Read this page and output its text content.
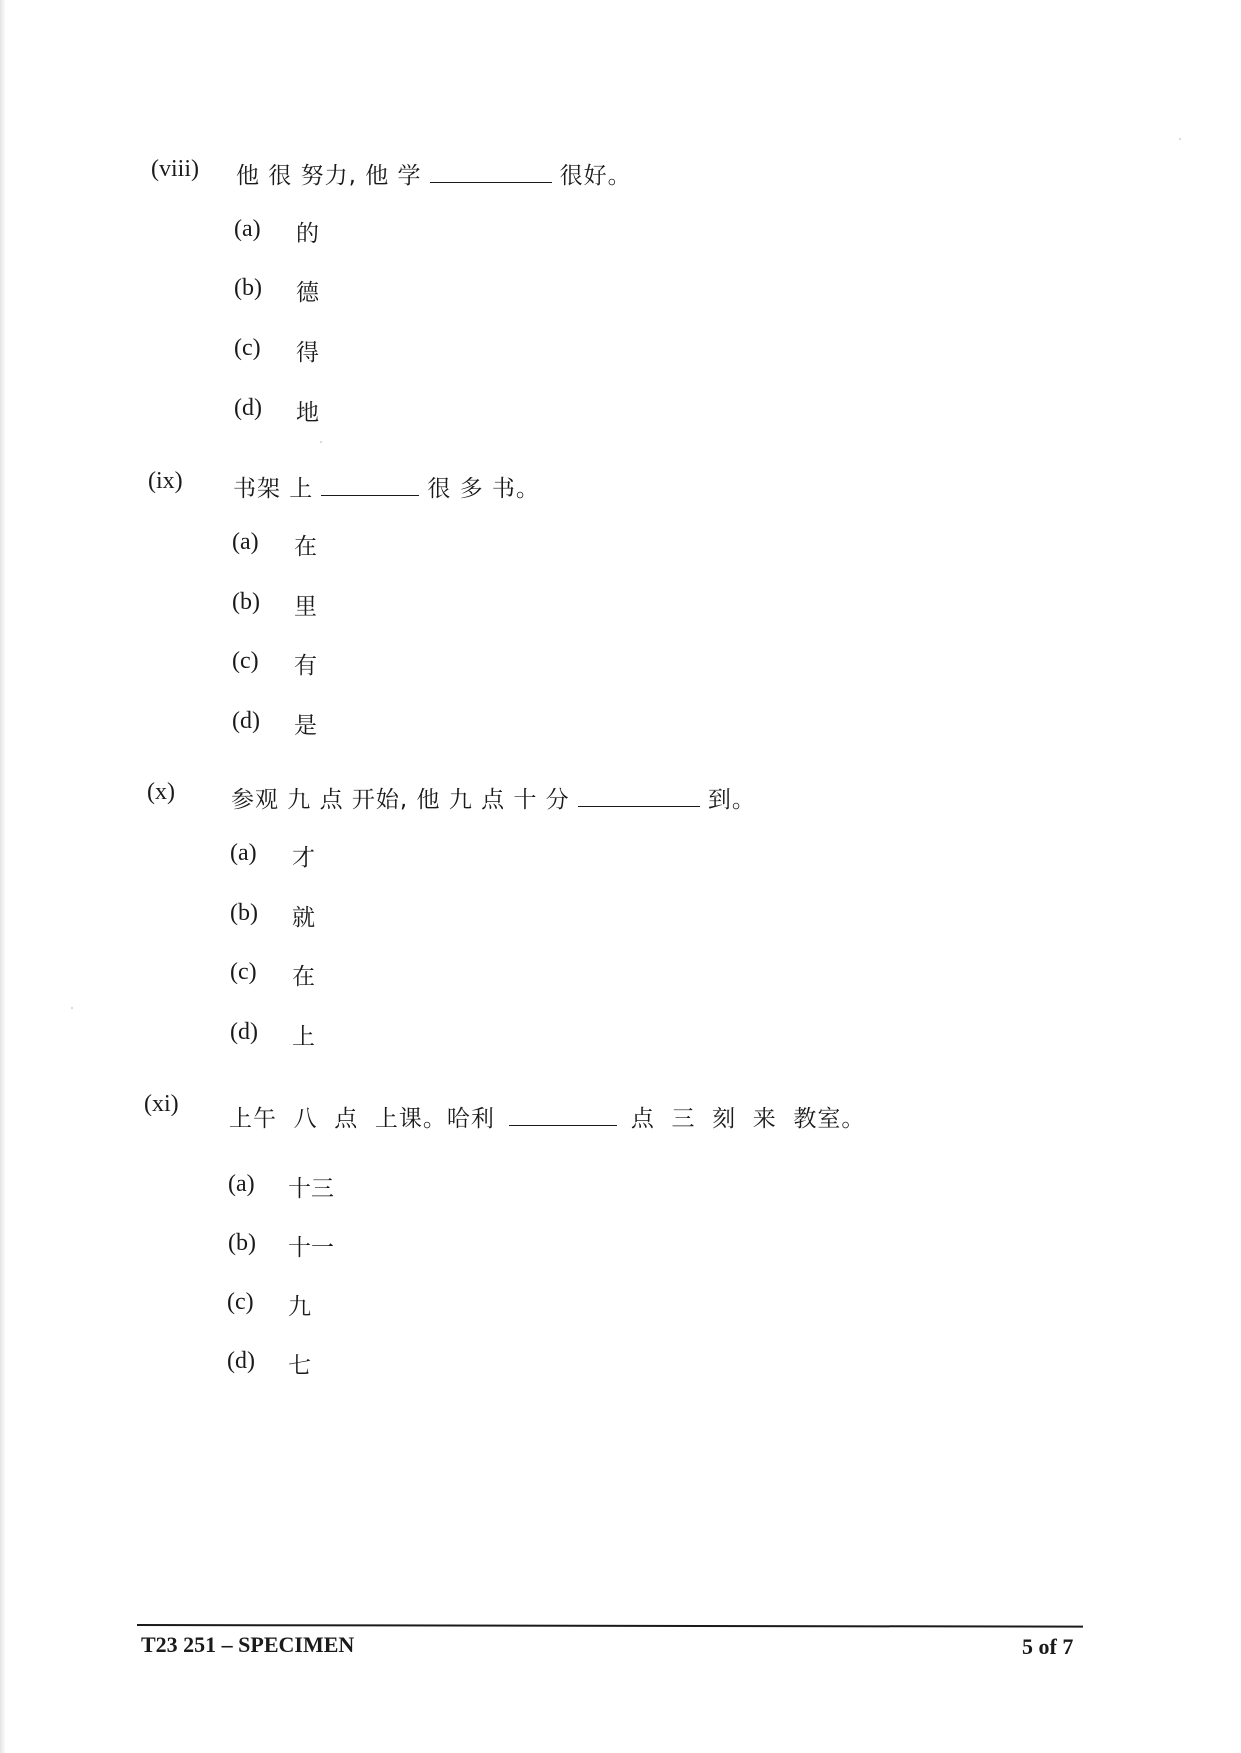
(viii) 他 很 努力, 他 学	很好。
(a) 的
(b) 德
(c) 得
(d) 地
(ix) 书架 上	很 多 书。
(a) 在
(b) 里
(c) 有
(d) 是
(x) 参观 九 点 开始, 他 九 点 十 分	到。
(a) 才
(b) 就
(c) 在
(d) 上
(xi)
上午  八  点  上课。哈利	点  三  刻  来  教室。
(a) 十三
(b) 十一
(c) 九
(d) 七
T23 251 – SPECIMEN	5 of 7
